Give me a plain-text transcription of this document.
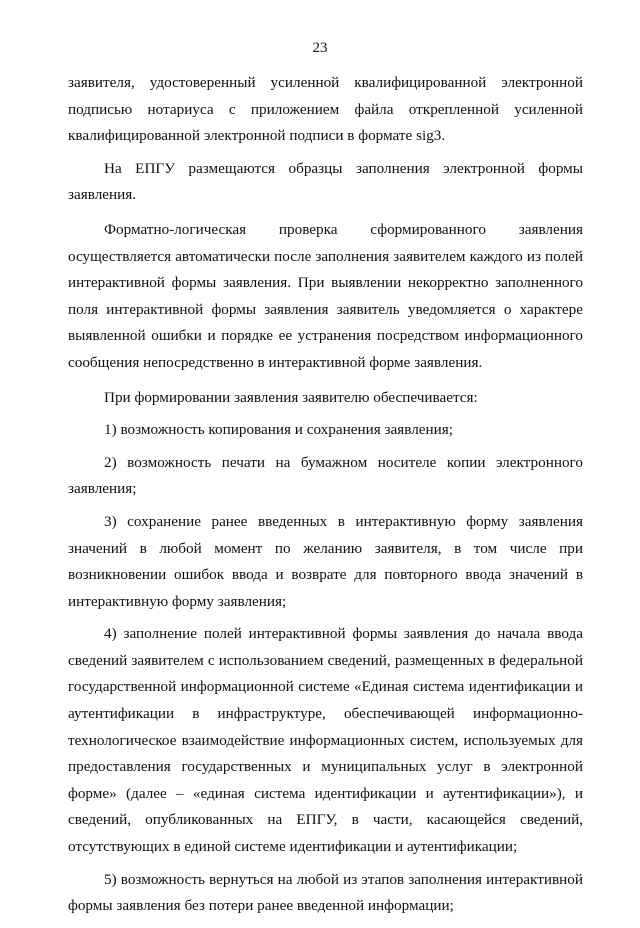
23

заявителя, удостоверенный усиленной квалифицированной электронной подписью нотариуса с приложением файла открепленной усиленной квалифицированной электронной подписи в формате sig3.

На ЕПГУ размещаются образцы заполнения электронной формы заявления.

Форматно-логическая проверка сформированного заявления осуществляется автоматически после заполнения заявителем каждого из полей интерактивной формы заявления. При выявлении некорректно заполненного поля интерактивной формы заявления заявитель уведомляется о характере выявленной ошибки и порядке ее устранения посредством информационного сообщения непосредственно в интерактивной форме заявления.

При формировании заявления заявителю обеспечивается:

1) возможность копирования и сохранения заявления;

2) возможность печати на бумажном носителе копии электронного заявления;

3) сохранение ранее введенных в интерактивную форму заявления значений в любой момент по желанию заявителя, в том числе при возникновении ошибок ввода и возврате для повторного ввода значений в интерактивную форму заявления;

4) заполнение полей интерактивной формы заявления до начала ввода сведений заявителем с использованием сведений, размещенных в федеральной государственной информационной системе «Единая система идентификации и аутентификации в инфраструктуре, обеспечивающей информационно-технологическое взаимодействие информационных систем, используемых для предоставления государственных и муниципальных услуг в электронной форме» (далее – «единая система идентификации и аутентификации»), и сведений, опубликованных на ЕПГУ, в части, касающейся сведений, отсутствующих в единой системе идентификации и аутентификации;

5) возможность вернуться на любой из этапов заполнения интерактивной формы заявления без потери ранее введенной информации;
